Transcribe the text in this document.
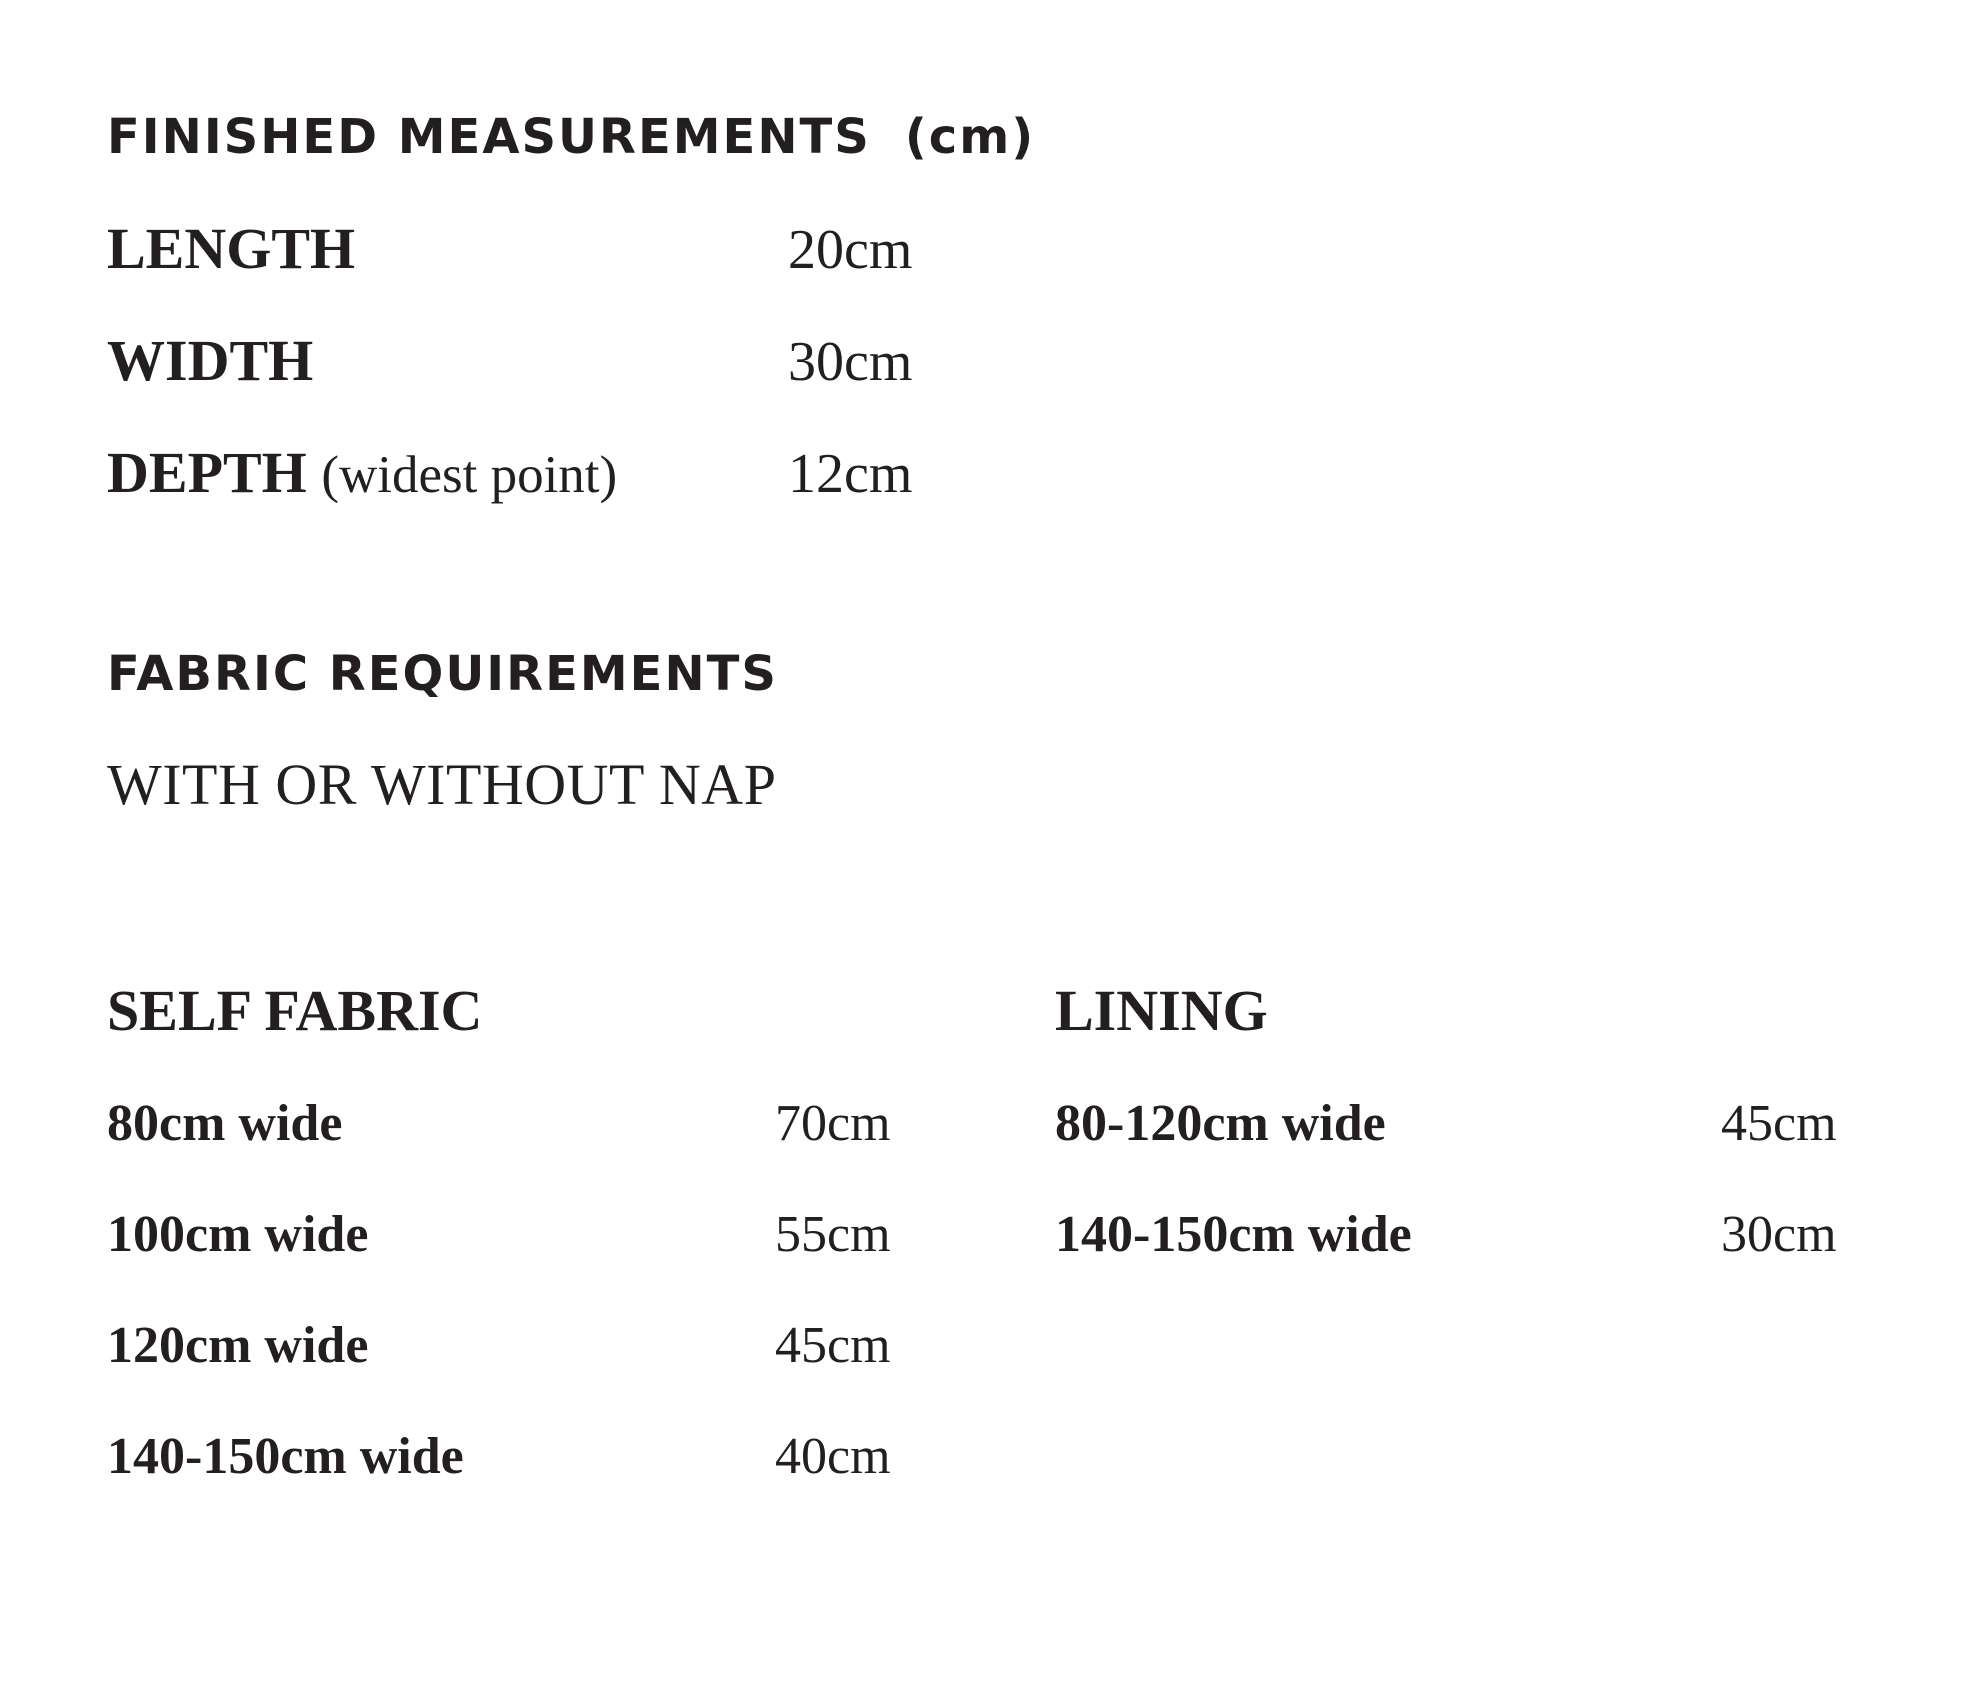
FINISHED MEASUREMENTS (cm)
LENGTH	20cm
WIDTH	30cm
DEPTH (widest point)	12cm
FABRIC REQUIREMENTS
WITH OR WITHOUT NAP
SELF FABRIC
80cm wide	70cm
100cm wide	55cm
120cm wide	45cm
140-150cm wide	40cm
LINING
80-120cm wide	45cm
140-150cm wide	30cm
